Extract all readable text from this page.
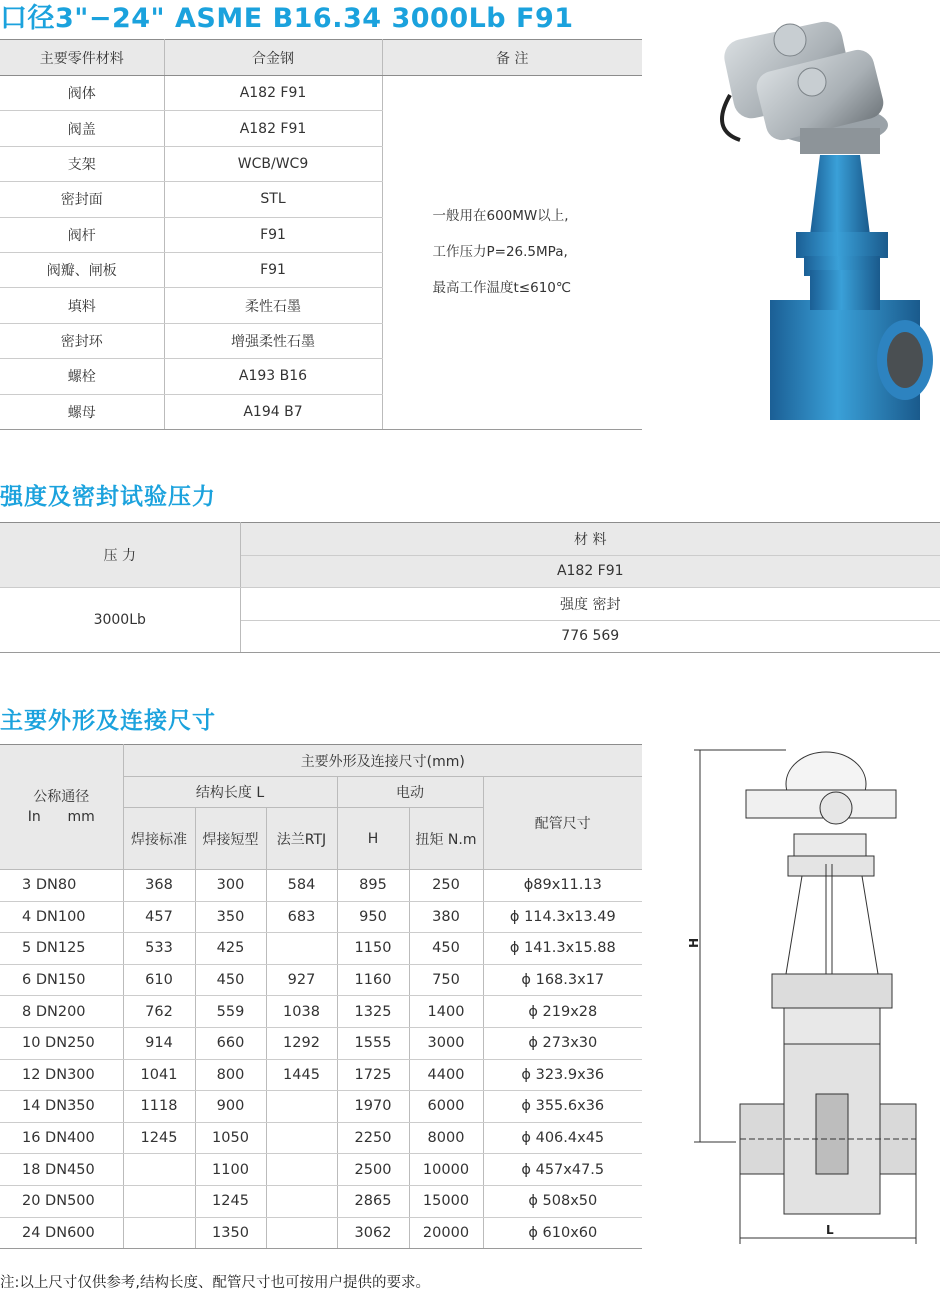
口径3"−24" ASME B16.34 3000Lb F91
强度及密封试验压力
主要外形及连接尺寸
主要零件材料	合金钢	备 注
阀体	A182 F91	一般用在600MW以上,
工作压力P=26.5MPa,
最高工作温度t≤610℃

阀盖	A182 F91	
支架	WCB/WC9	
密封面	STL	
阀杆	F91	
阀瓣、闸板	F91	
填料	柔性石墨	
密封环	增强柔性石墨	
螺栓	A193 B16	
螺母	A194 B7	
压 力	材 料
	A182 F91
3000Lb	强度 密封
	776 569
公称通径
In      mm	主要外形及连接尺寸(mm)					
	结构长度 L			电动		配管尺寸
	焊接标准	焊接短型	法兰RTJ	H	扭矩 N.m	
3 DN80	368	300	584	895	250	ɸ89x11.13
4 DN100	457	350	683	950	380	ɸ 114.3x13.49
5 DN125	533	425		1150	450	ɸ 141.3x15.88
6 DN150	610	450	927	1160	750	ɸ 168.3x17
8 DN200	762	559	1038	1325	1400	ɸ 219x28
10 DN250	914	660	1292	1555	3000	ɸ 273x30
12 DN300	1041	800	1445	1725	4400	ɸ 323.9x36
14 DN350	1118	900		1970	6000	ɸ 355.6x36
16 DN400	1245	1050		2250	8000	ɸ 406.4x45
18 DN450		1100		2500	10000	ɸ 457x47.5
20 DN500		1245		2865	15000	ɸ 508x50
24 DN600		1350		3062	20000	ɸ 610x60
H
L
注:以上尺寸仅供参考,结构长度、配管尺寸也可按用户提供的要求。
